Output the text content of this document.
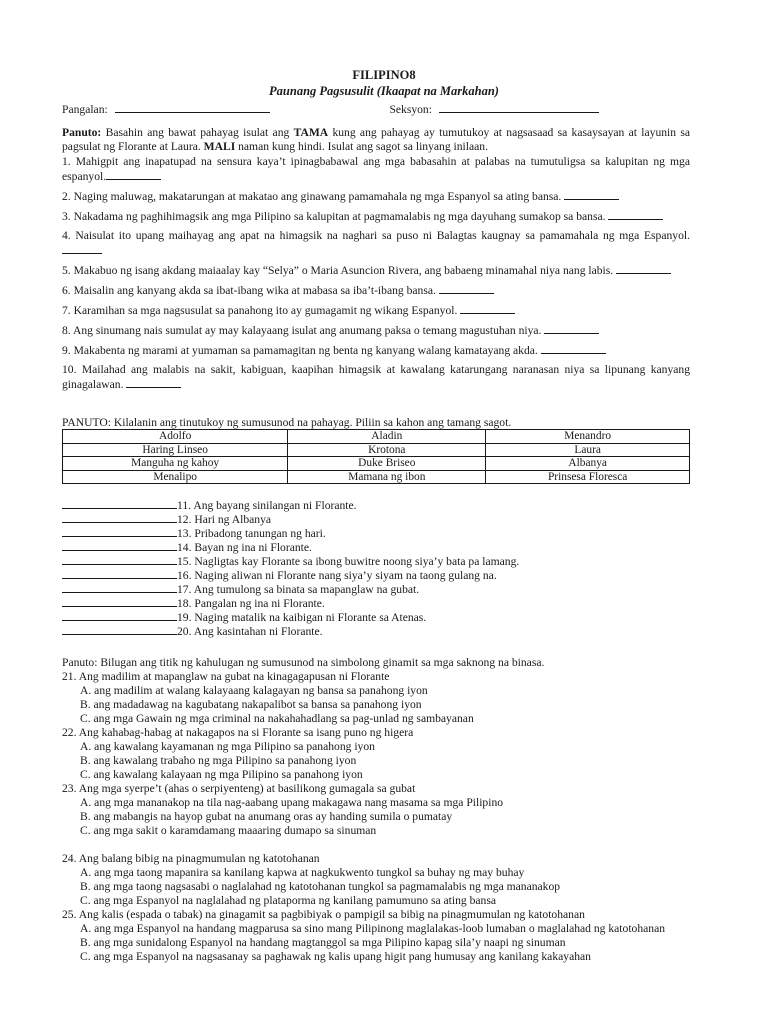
FILIPINO8
Paunang Pagsusulit (Ikaapat na Markahan)
Pangalan:	Seksyon:
Panuto: Basahin ang bawat pahayag isulat ang TAMA kung ang pahayag ay tumutukoy at nagsasaad sa kasaysayan at layunin sa pagsulat ng Florante at Laura. MALI naman kung hindi. Isulat ang sagot sa linyang inilaan.
1. Mahigpit ang inapatupad na sensura kaya’t ipinagbabawal ang mga babasahin at palabas na tumutuligsa sa kalupitan ng mga espanyol.
2. Naging maluwag, makatarungan at makatao ang ginawang pamamahala ng mga Espanyol sa ating bansa.
3. Nakadama ng paghihimagsik ang mga Pilipino sa kalupitan at pagmamalabis ng mga dayuhang sumakop sa bansa.
4. Naisulat ito upang maihayag ang apat na himagsik na naghari sa puso ni Balagtas kaugnay sa pamamahala ng mga Espanyol.
5. Makabuo ng isang akdang maiaalay kay “Selya” o Maria Asuncion Rivera, ang babaeng minamahal niya nang labis.
6. Maisalin ang kanyang akda sa ibat-ibang wika at mabasa sa iba’t-ibang bansa.
7. Karamihan sa mga nagsusulat sa panahong ito ay gumagamit ng wikang Espanyol.
8. Ang sinumang nais sumulat ay may kalayaang isulat ang anumang paksa o temang magustuhan niya.
9. Makabenta ng marami at yumaman sa pamamagitan ng benta ng kanyang walang kamatayang akda.
10. Mailahad ang malabis na sakit, kabiguan, kaapihan himagsik at kawalang katarungang naranasan niya sa lipunang kanyang ginagalawan.
PANUTO: Kilalanin ang tinutukoy ng sumusunod na pahayag. Piliin sa kahon ang tamang sagot.
Adolfo	Aladin	Menandro
Haring Linseo	Krotona	Laura
Manguha ng kahoy	Duke Briseo	Albanya
Menalipo	Mamana ng ibon	Prinsesa Floresca
11. Ang bayang sinilangan ni Florante.
12. Hari ng Albanya
13. Pribadong tanungan ng hari.
14. Bayan ng ina ni Florante.
15. Nagligtas kay Florante sa ibong buwitre noong siya’y bata pa lamang.
16. Naging aliwan ni Florante nang siya’y siyam na taong gulang na.
17. Ang tumulong sa binata sa mapanglaw na gubat.
18. Pangalan ng ina ni Florante.
19. Naging matalik na kaibigan ni Florante sa Atenas.
20. Ang kasintahan ni Florante.
Panuto: Bilugan ang titik ng kahulugan ng sumusunod na simbolong ginamit sa mga saknong na binasa.
21. Ang madilim at mapanglaw na gubat na kinagagapusan ni Florante
A. ang madilim at walang kalayaang kalagayan ng bansa sa panahong iyon
B. ang madadawag na kagubatang nakapalibot sa bansa sa panahong iyon
C. ang mga Gawain ng mga criminal na nakahahadlang sa pag-unlad ng sambayanan
22. Ang kahabag-habag at nakagapos na si Florante sa isang puno ng higera
A. ang kawalang kayamanan ng mga Pilipino sa panahong iyon
B. ang kawalang trabaho ng mga Pilipino sa panahong iyon
C. ang kawalang kalayaan ng mga Pilipino sa panahong iyon
23. Ang mga syerpe’t (ahas o serpiyenteng) at basilikong gumagala sa gubat
A. ang mga mananakop na tila nag-aabang upang makagawa nang masama sa mga Pilipino
B. ang mabangis na hayop gubat na anumang oras ay handing sumila o pumatay
C. ang mga sakit o karamdamang maaaring dumapo sa sinuman
24. Ang balang bibig na pinagmumulan ng katotohanan
A. ang mga taong mapanira sa kanilang kapwa at nagkukwento tungkol sa buhay ng may buhay
B. ang mga taong nagsasabi o naglalahad ng katotohanan tungkol sa pagmamalabis ng mga mananakop
C. ang mga Espanyol na naglalahad ng plataporma ng kanilang pamumuno sa ating bansa
25. Ang kalis (espada o tabak) na ginagamit sa pagbibiyak o pampigil sa bibig na pinagmumulan ng katotohanan
A. ang mga Espanyol na handang magparusa sa sino mang Pilipinong maglalakas-loob lumaban o maglalahad ng katotohanan
B. ang mga sunidalong Espanyol na handang magtanggol sa mga Pilipino kapag sila’y naapi ng sinuman
C. ang mga Espanyol na nagsasanay sa paghawak ng kalis upang higit pang humusay ang kanilang kakayahan
